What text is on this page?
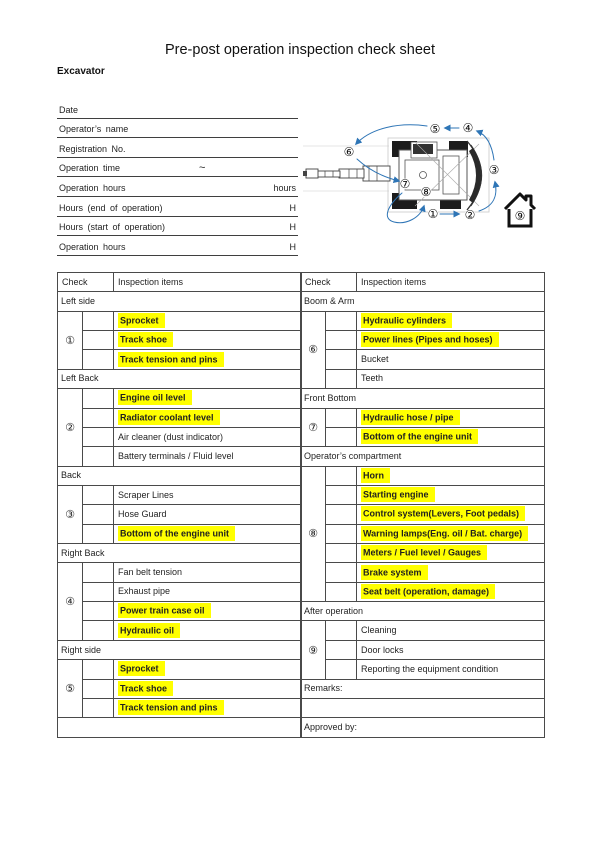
Pre-post operation inspection check sheet
Excavator
Date
Operator’s name
Registration No.
Operation time	~
Operation hours	hours
Hours (end of operation)	H
Hours (start of operation)	H
Operation hours	H
① ②
③
④
⑤
⑥
⑦
⑧
⑨
Check		Inspection items
Left side		
①		Sprocket
		Track shoe
		Track tension and pins
Left Back		
②		Engine oil level
		Radiator coolant level
		Air cleaner (dust indicator)
		Battery terminals / Fluid level
Back		
③		Scraper Lines
		Hose Guard
		Bottom of the engine unit
Right Back		
④		Fan belt tension
		Exhaust pipe
		Power train case oil
		Hydraulic oil
Right side		
⑤		Sprocket
		Track shoe
		Track tension and pins

Check		Inspection items
Boom & Arm		
⑥		Hydraulic cylinders
		Power lines (Pipes and hoses)
		Bucket
		Teeth
Front Bottom		
⑦		Hydraulic hose / pipe
		Bottom of the engine unit
Operator’s compartment		
⑧		Horn
		Starting engine
		Control system(Levers, Foot pedals)
		Warning lamps(Eng. oil / Bat. charge)
		Meters / Fuel level / Gauges
		Brake system
		Seat belt (operation, damage)
After operation		
⑨		Cleaning
		Door locks
		Reporting the equipment condition
Remarks:		

Approved by:		
